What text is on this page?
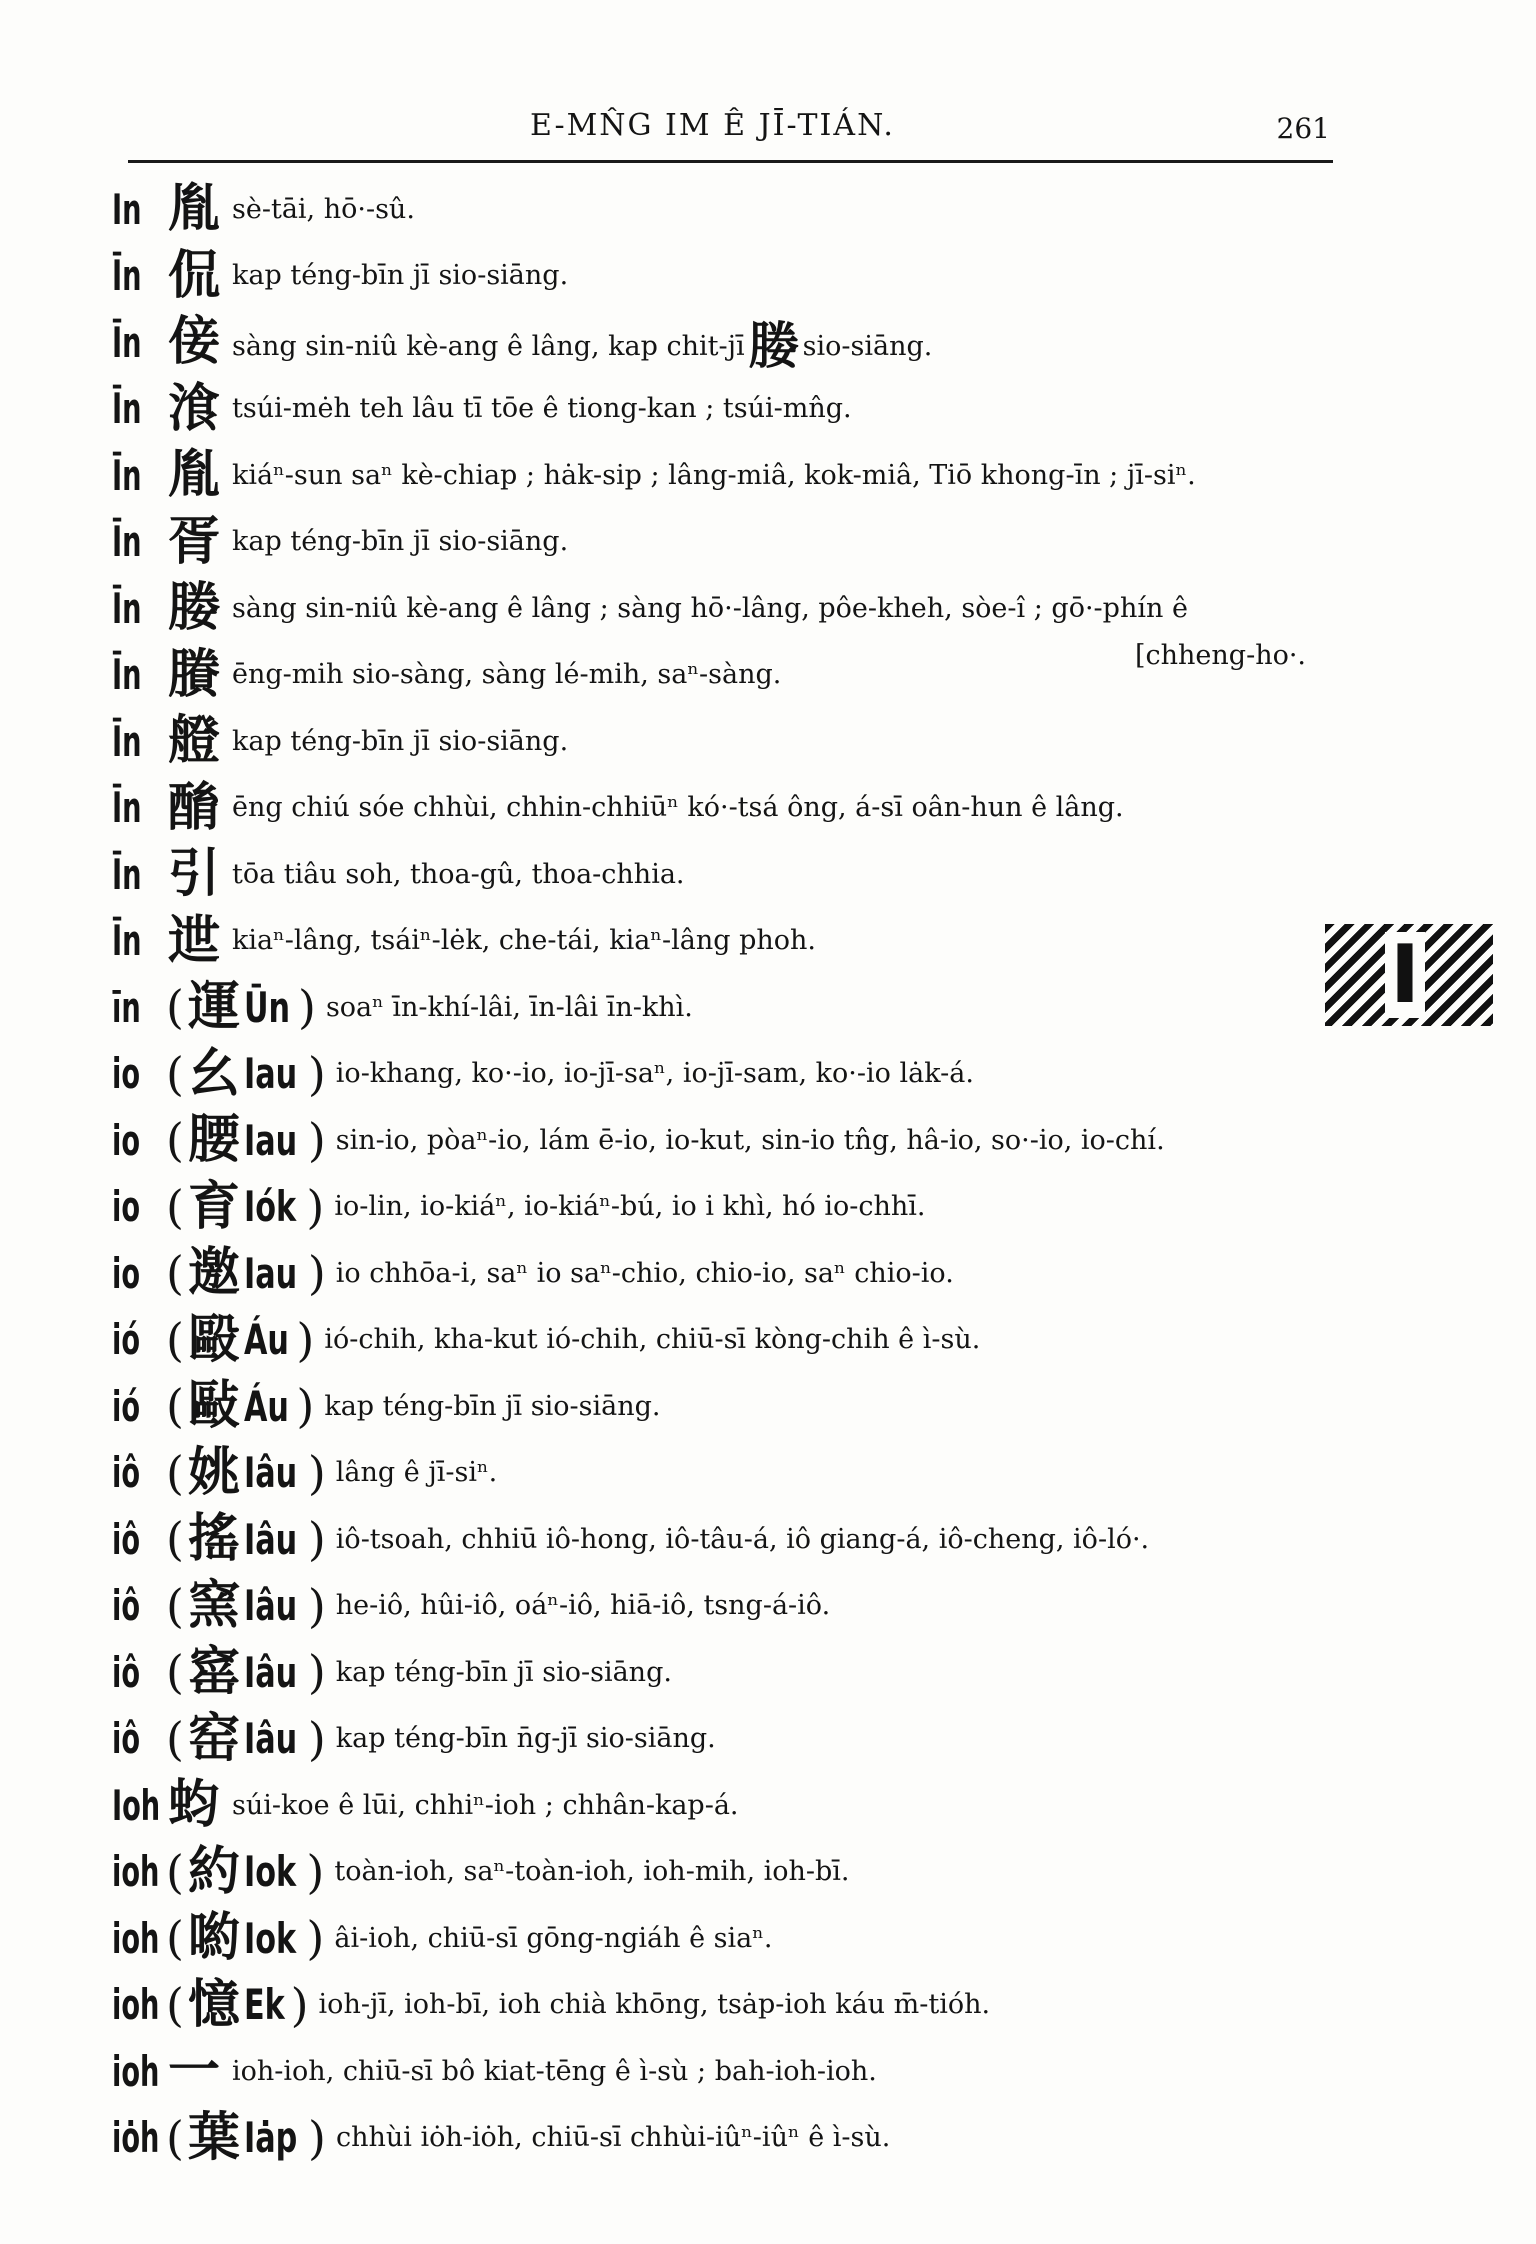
E-MN̂G IM Ê JĪ-TIÁN.	261
In 胤 sè-tāi, hō·-sû.
Īn 侃 kap téng-bīn jī sio-siāng.
Īn 倿 sàng sin-niû kè-ang ê lâng, kap chit-jī媵 sio-siāng.
Īn 湌 tsúi-mėh teh lâu tī tōe ê tiong-kan ; tsúi-mn̂g.
Īn 胤 kiáⁿ-sun saⁿ kè-chiap ; hȧk-sip ; lâng-miâ, kok-miâ, Tiō khong-īn ; jī-siⁿ.
Īn 胥 kap téng-bīn jī sio-siāng.
Īn 媵 sàng sin-niû kè-ang ê lâng ; sàng hō·-lâng, pôe-kheh, sòe-î ; gō·-phín ê
Īn 賸 ēng-mih sio-sàng, sàng lé-mih, saⁿ-sàng.
Īn 艠 kap téng-bīn jī sio-siāng.
Īn 酳 ēng chiú sóe chhùi, chhin-chhiūⁿ kó·-tsá ông, á-sī oân-hun ê lâng.
Īn 引 tōa tiâu soh, thoa-gû, thoa-chhia.
Īn 迣 kiaⁿ-lâng, tsáiⁿ-lėk, che-tái, kiaⁿ-lâng phoh.
īn ( 運 Ūn ) soaⁿ īn-khí-lâi, īn-lâi īn-khì.
io ( 幺 Iau ) io-khang, ko·-io, io-jī-saⁿ, io-jī-sam, ko·-io lȧk-á.
io ( 腰 Iau ) sin-io, pòaⁿ-io, lám ē-io, io-kut, sin-io tn̂g, hâ-io, so·-io, io-chí.
io ( 育 Iók ) io-lin, io-kiáⁿ, io-kiáⁿ-bú, io i khì, hó io-chhī.
io ( 邀 Iau ) io chhōa-i, saⁿ io saⁿ-chio, chio-io, saⁿ chio-io.
ió ( 毆 Áu ) ió-chih, kha-kut ió-chih, chiū-sī kòng-chih ê ì-sù.
ió ( 敺 Áu ) kap téng-bīn jī sio-siāng.
iô ( 姚 Iâu ) lâng ê jī-siⁿ.
iô ( 搖 Iâu ) iô-tsoah, chhiū iô-hong, iô-tâu-á, iô giang-á, iô-cheng, iô-ló·.
iô ( 窯 Iâu ) he-iô, hûi-iô, oáⁿ-iô, hiā-iô, tsng-á-iô.
iô ( 窰 Iâu ) kap téng-bīn jī sio-siāng.
iô ( 窑 Iâu ) kap téng-bīn n̄g-jī sio-siāng.
Ioh 蚐 súi-koe ê lūi, chhiⁿ-ioh ; chhân-kap-á.
ioh ( 約 Iok ) toàn-ioh, saⁿ-toàn-ioh, ioh-mih, ioh-bī.
ioh ( 喲 Iok ) âi-ioh, chiū-sī gōng-ngiáh ê siaⁿ.
ioh ( 憶 Ek ) ioh-jī, ioh-bī, ioh chià khōng, tsȧp-ioh káu m̄-tióh.
ioh 一 ioh-ioh, chiū-sī bô kiat-tēng ê ì-sù ; bah-ioh-ioh.
iȯh ( 葉 Iȧp ) chhùi iȯh-iȯh, chiū-sī chhùi-iûⁿ-iûⁿ ê ì-sù.
[chheng-ho·.
I
